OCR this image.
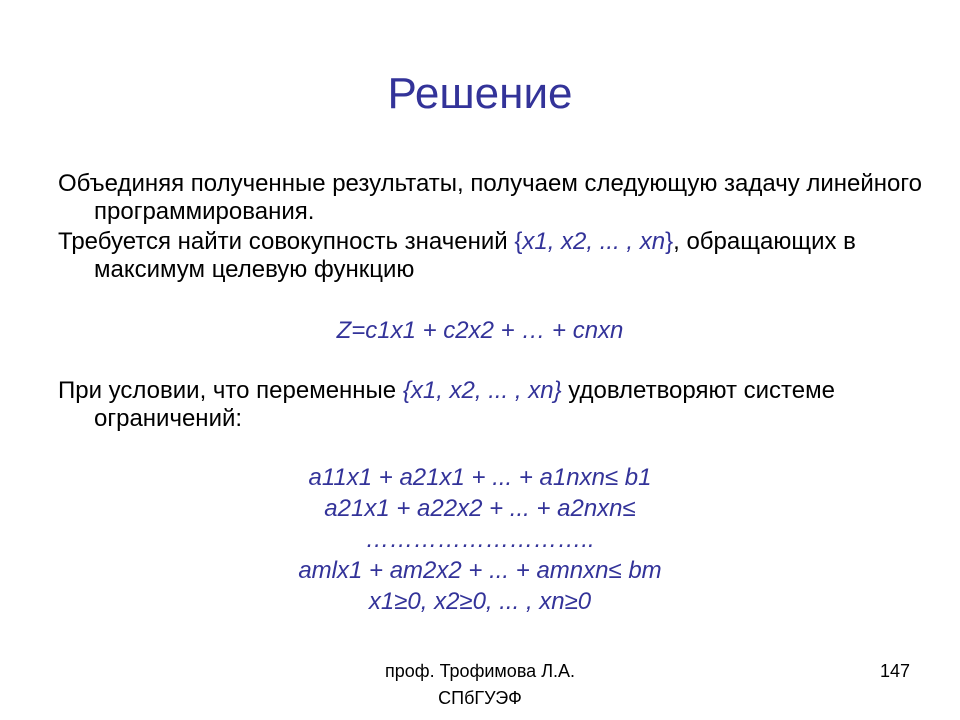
Решение
Объединяя полученные результаты, получаем следующую задачу линейного программирования.
Требуется найти совокупность значений {x1, x2, ... , xn}, обращающих в максимум целевую функцию
Z=c1x1 + c2x2 + … + cnxn
При условии, что переменные {x1, x2, ... , xn} удовлетворяют системе ограничений:
a11x1 + a21x1 + ... + a1nxn≤ b1
a21x1 + a22x2 + ... + a2nxn≤
………………………..
amlx1 + am2x2 + ... + amnxn≤ bm
x1≥0, x2≥0, ... , xn≥0
проф. Трофимова Л.А.
СПбГУЭФ
147
